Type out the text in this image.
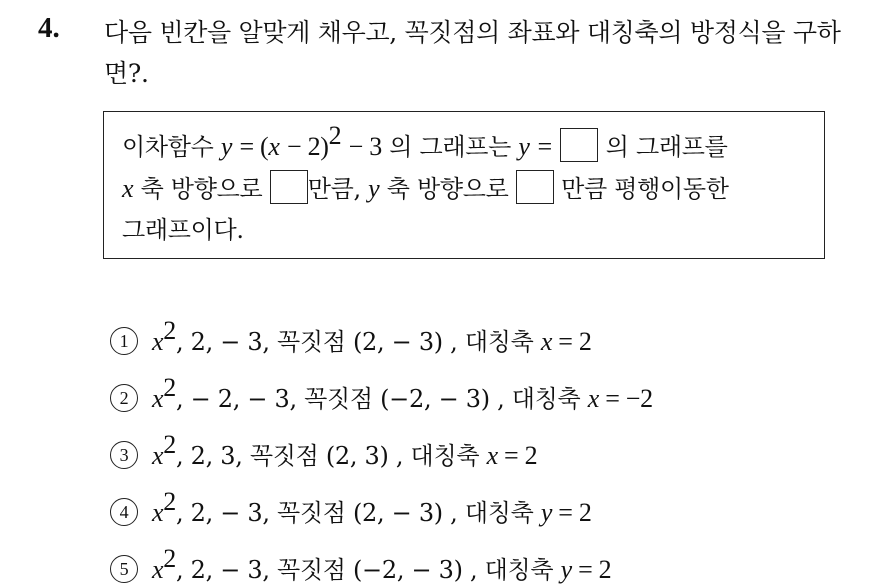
4. 다음 빈칸을 알맞게 채우고, 꼭짓점의 좌표와 대칭축의 방정식을 구하면?.
이차함수 $y = (x - 2)^2 - 3$ 의 그래프는 y = 의 그래프를
x 축 방향으로 만큼, y 축 방향으로 만큼 평행이동한
그래프이다.
1 $x^2$, 2, − 3, 꼭짓점 (2, − 3) , 대칭축 x = 2
2 $x^2$, − 2, − 3, 꼭짓점 (−2, − 3) , 대칭축 x = −2
3 $x^2$, 2, 3, 꼭짓점 (2, 3) , 대칭축 x = 2
4 $x^2$, 2, − 3, 꼭짓점 (2, − 3) , 대칭축 y = 2
5 $x^2$, 2, − 3, 꼭짓점 (−2, − 3) , 대칭축 y = 2
